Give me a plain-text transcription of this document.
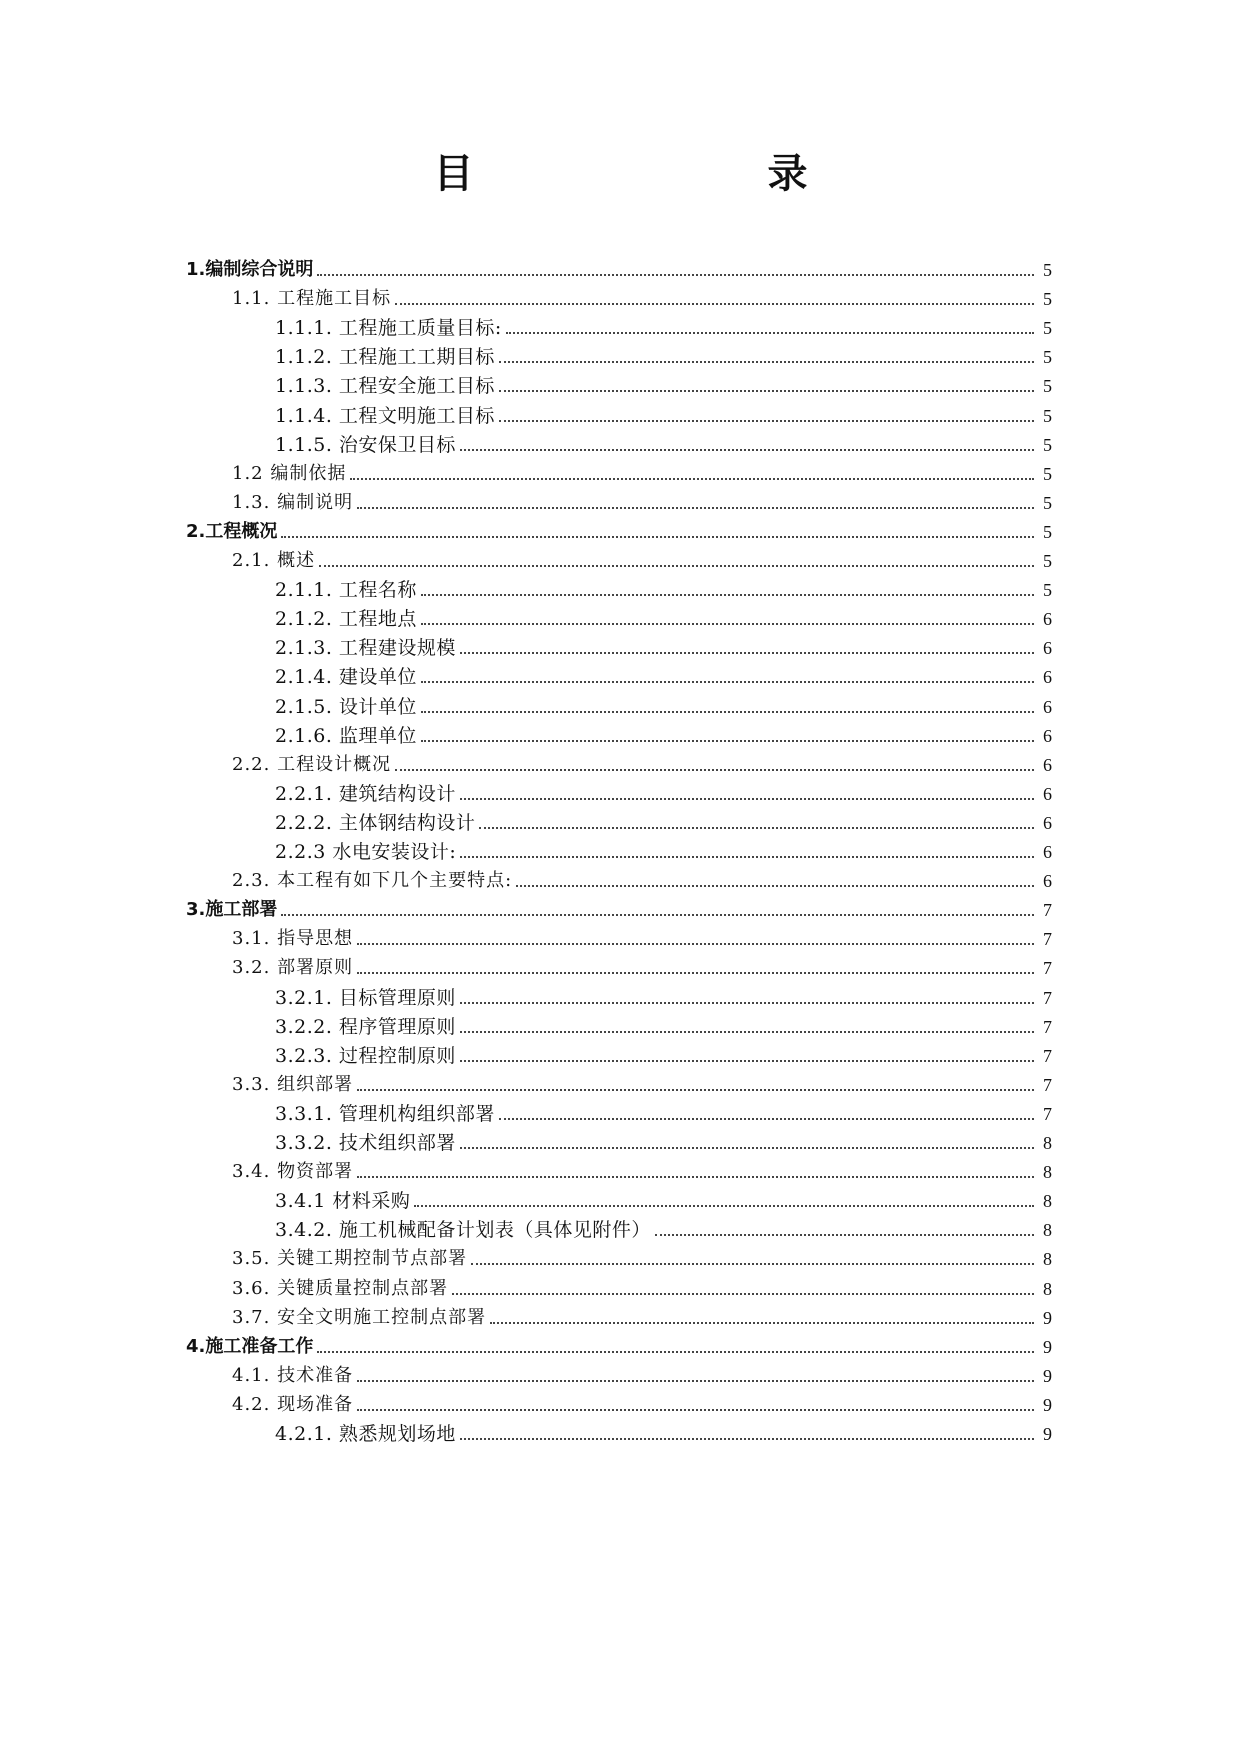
目 录
1.编制综合说明	5
1.1. 工程施工目标	5
1.1.1. 工程施工质量目标:	5
1.1.2. 工程施工工期目标	5
1.1.3. 工程安全施工目标	5
1.1.4. 工程文明施工目标	5
1.1.5. 治安保卫目标	5
1.2 编制依据	5
1.3. 编制说明	5
2.工程概况	5
2.1. 概述	5
2.1.1. 工程名称	5
2.1.2. 工程地点	6
2.1.3. 工程建设规模	6
2.1.4. 建设单位	6
2.1.5. 设计单位	6
2.1.6. 监理单位	6
2.2. 工程设计概况	6
2.2.1. 建筑结构设计	6
2.2.2. 主体钢结构设计	6
2.2.3 水电安装设计:	6
2.3. 本工程有如下几个主要特点:	6
3.施工部署	7
3.1. 指导思想	7
3.2. 部署原则	7
3.2.1. 目标管理原则	7
3.2.2. 程序管理原则	7
3.2.3. 过程控制原则	7
3.3. 组织部署	7
3.3.1. 管理机构组织部署	7
3.3.2. 技术组织部署	8
3.4. 物资部署	8
3.4.1 材料采购	8
3.4.2. 施工机械配备计划表（具体见附件）	8
3.5. 关键工期控制节点部署	8
3.6. 关键质量控制点部署	8
3.7. 安全文明施工控制点部署	9
4.施工准备工作	9
4.1. 技术准备	9
4.2. 现场准备	9
4.2.1. 熟悉规划场地	9
